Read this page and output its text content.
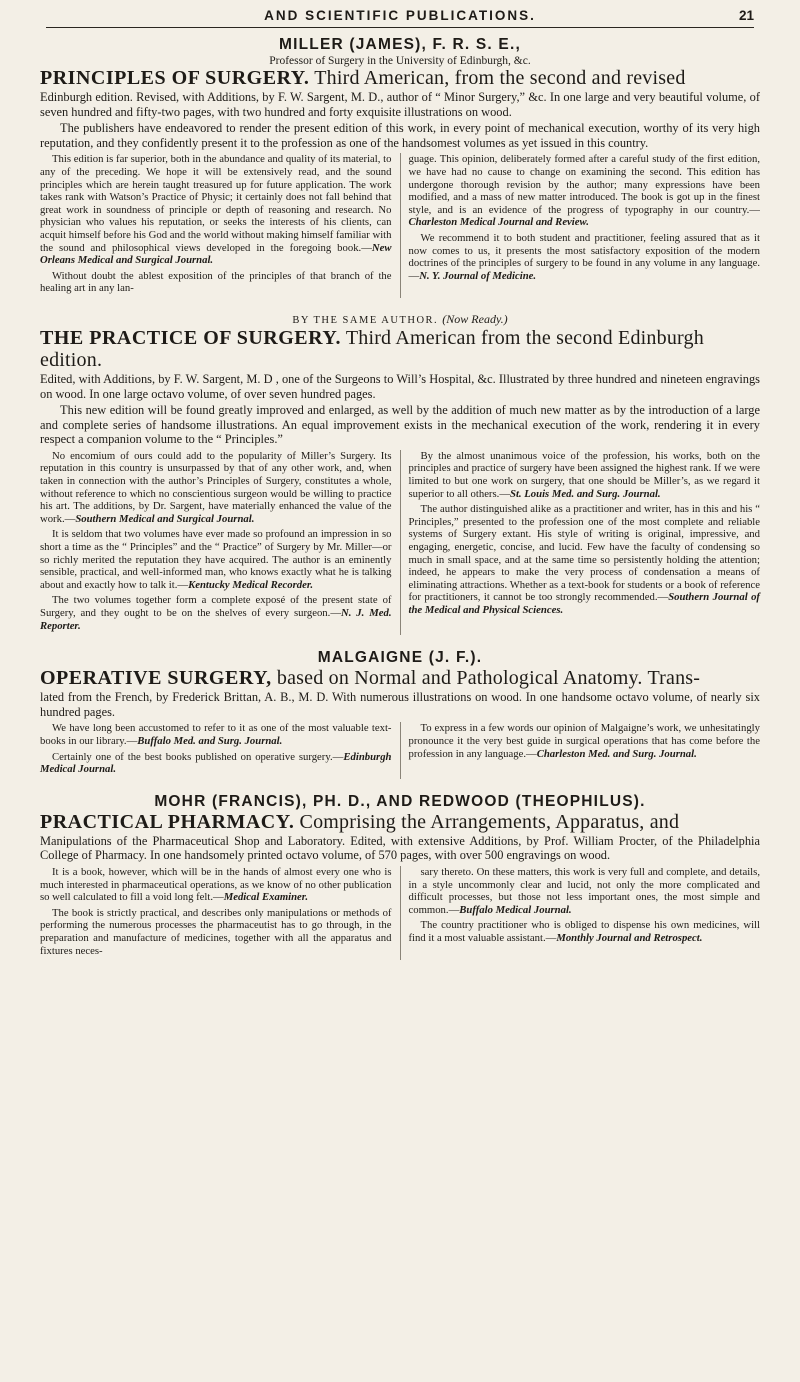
AND SCIENTIFIC PUBLICATIONS.	21
MILLER (JAMES), F. R. S. E.,
Professor of Surgery in the University of Edinburgh, &c.
PRINCIPLES OF SURGERY. Third American, from the second and revised
Edinburgh edition. Revised, with Additions, by F. W. Sargent, M. D., author of “ Minor Surgery,” &c. In one large and very beautiful volume, of seven hundred and fifty-two pages, with two hundred and forty exquisite illustrations on wood.
The publishers have endeavored to render the present edition of this work, in every point of mechanical execution, worthy of its very high reputation, and they confidently present it to the profession as one of the handsomest volumes as yet issued in this country.

This edition is far superior, both in the abundance and quality of its material, to any of the preceding. We hope it will be extensively read, and the sound principles which are herein taught treasured up for future application. The work takes rank with Watson’s Practice of Physic; it certainly does not fall behind that great work in soundness of principle or depth of reasoning and research. No physician who values his reputation, or seeks the interests of his clients, can acquit himself before his God and the world without making himself familiar with the sound and philosophical views developed in the foregoing book.—New Orleans Medical and Surgical Journal.

Without doubt the ablest exposition of the principles of that branch of the healing art in any lan-

guage. This opinion, deliberately formed after a careful study of the first edition, we have had no cause to change on examining the second. This edition has undergone thorough revision by the author; many expressions have been modified, and a mass of new matter introduced. The book is got up in the finest style, and is an evidence of the progress of typography in our country.—Charleston Medical Journal and Review.

We recommend it to both student and practitioner, feeling assured that as it now comes to us, it presents the most satisfactory exposition of the modern doctrines of the principles of surgery to be found in any volume in any language.—N. Y. Journal of Medicine.

BY THE SAME AUTHOR. (Now Ready.)
THE PRACTICE OF SURGERY. Third American from the second Edinburgh edition.
Edited, with Additions, by F. W. Sargent, M. D , one of the Surgeons to Will’s Hospital, &c. Illustrated by three hundred and nineteen engravings on wood. In one large octavo volume, of over seven hundred pages.
This new edition will be found greatly improved and enlarged, as well by the addition of much new matter as by the introduction of a large and complete series of handsome illustrations. An equal improvement exists in the mechanical execution of the work, rendering it in every respect a companion volume to the “ Principles.”

No encomium of ours could add to the popularity of Miller’s Surgery. Its reputation in this country is unsurpassed by that of any other work, and, when taken in connection with the author’s Principles of Surgery, constitutes a whole, without reference to which no conscientious surgeon would be willing to practice his art. The additions, by Dr. Sargent, have materially enhanced the value of the work.—Southern Medical and Surgical Journal.

It is seldom that two volumes have ever made so profound an impression in so short a time as the “ Principles” and the “ Practice” of Surgery by Mr. Miller—or so richly merited the reputation they have acquired. The author is an eminently sensible, practical, and well-informed man, who knows exactly what he is talking about and exactly how to talk it.—Kentucky Medical Recorder.

The two volumes together form a complete exposé of the present state of Surgery, and they ought to be on the shelves of every surgeon.—N. J. Med. Reporter.

By the almost unanimous voice of the profession, his works, both on the principles and practice of surgery have been assigned the highest rank. If we were limited to but one work on surgery, that one should be Miller’s, as we regard it superior to all others.—St. Louis Med. and Surg. Journal.

The author distinguished alike as a practitioner and writer, has in this and his “ Principles,” presented to the profession one of the most complete and reliable systems of Surgery extant. His style of writing is original, impressive, and engaging, energetic, concise, and lucid. Few have the faculty of condensing so much in small space, and at the same time so persistently holding the attention; indeed, he appears to make the very process of condensation a means of eliminating attractions. Whether as a text-book for students or a book of reference for practitioners, it cannot be too strongly recommended.—Southern Journal of the Medical and Physical Sciences.

MALGAIGNE (J. F.).
OPERATIVE SURGERY, based on Normal and Pathological Anatomy. Trans-
lated from the French, by Frederick Brittan, A. B., M. D. With numerous illustrations on wood. In one handsome octavo volume, of nearly six hundred pages.

We have long been accustomed to refer to it as one of the most valuable text-books in our library.—Buffalo Med. and Surg. Journal.

Certainly one of the best books published on operative surgery.—Edinburgh Medical Journal.

To express in a few words our opinion of Malgaigne’s work, we unhesitatingly pronounce it the very best guide in surgical operations that has come before the profession in any language.—Charleston Med. and Surg. Journal.

MOHR (FRANCIS), PH. D., AND REDWOOD (THEOPHILUS).
PRACTICAL PHARMACY. Comprising the Arrangements, Apparatus, and
Manipulations of the Pharmaceutical Shop and Laboratory. Edited, with extensive Additions, by Prof. William Procter, of the Philadelphia College of Pharmacy. In one handsomely printed octavo volume, of 570 pages, with over 500 engravings on wood.

It is a book, however, which will be in the hands of almost every one who is much interested in pharmaceutical operations, as we know of no other publication so well calculated to fill a void long felt.—Medical Examiner.

The book is strictly practical, and describes only manipulations or methods of performing the numerous processes the pharmaceutist has to go through, in the preparation and manufacture of medicines, together with all the apparatus and fixtures neces-

sary thereto. On these matters, this work is very full and complete, and details, in a style uncommonly clear and lucid, not only the more complicated and difficult processes, but those not less important ones, the most simple and common.—Buffalo Medical Journal.

The country practitioner who is obliged to dispense his own medicines, will find it a most valuable assistant.—Monthly Journal and Retrospect.
